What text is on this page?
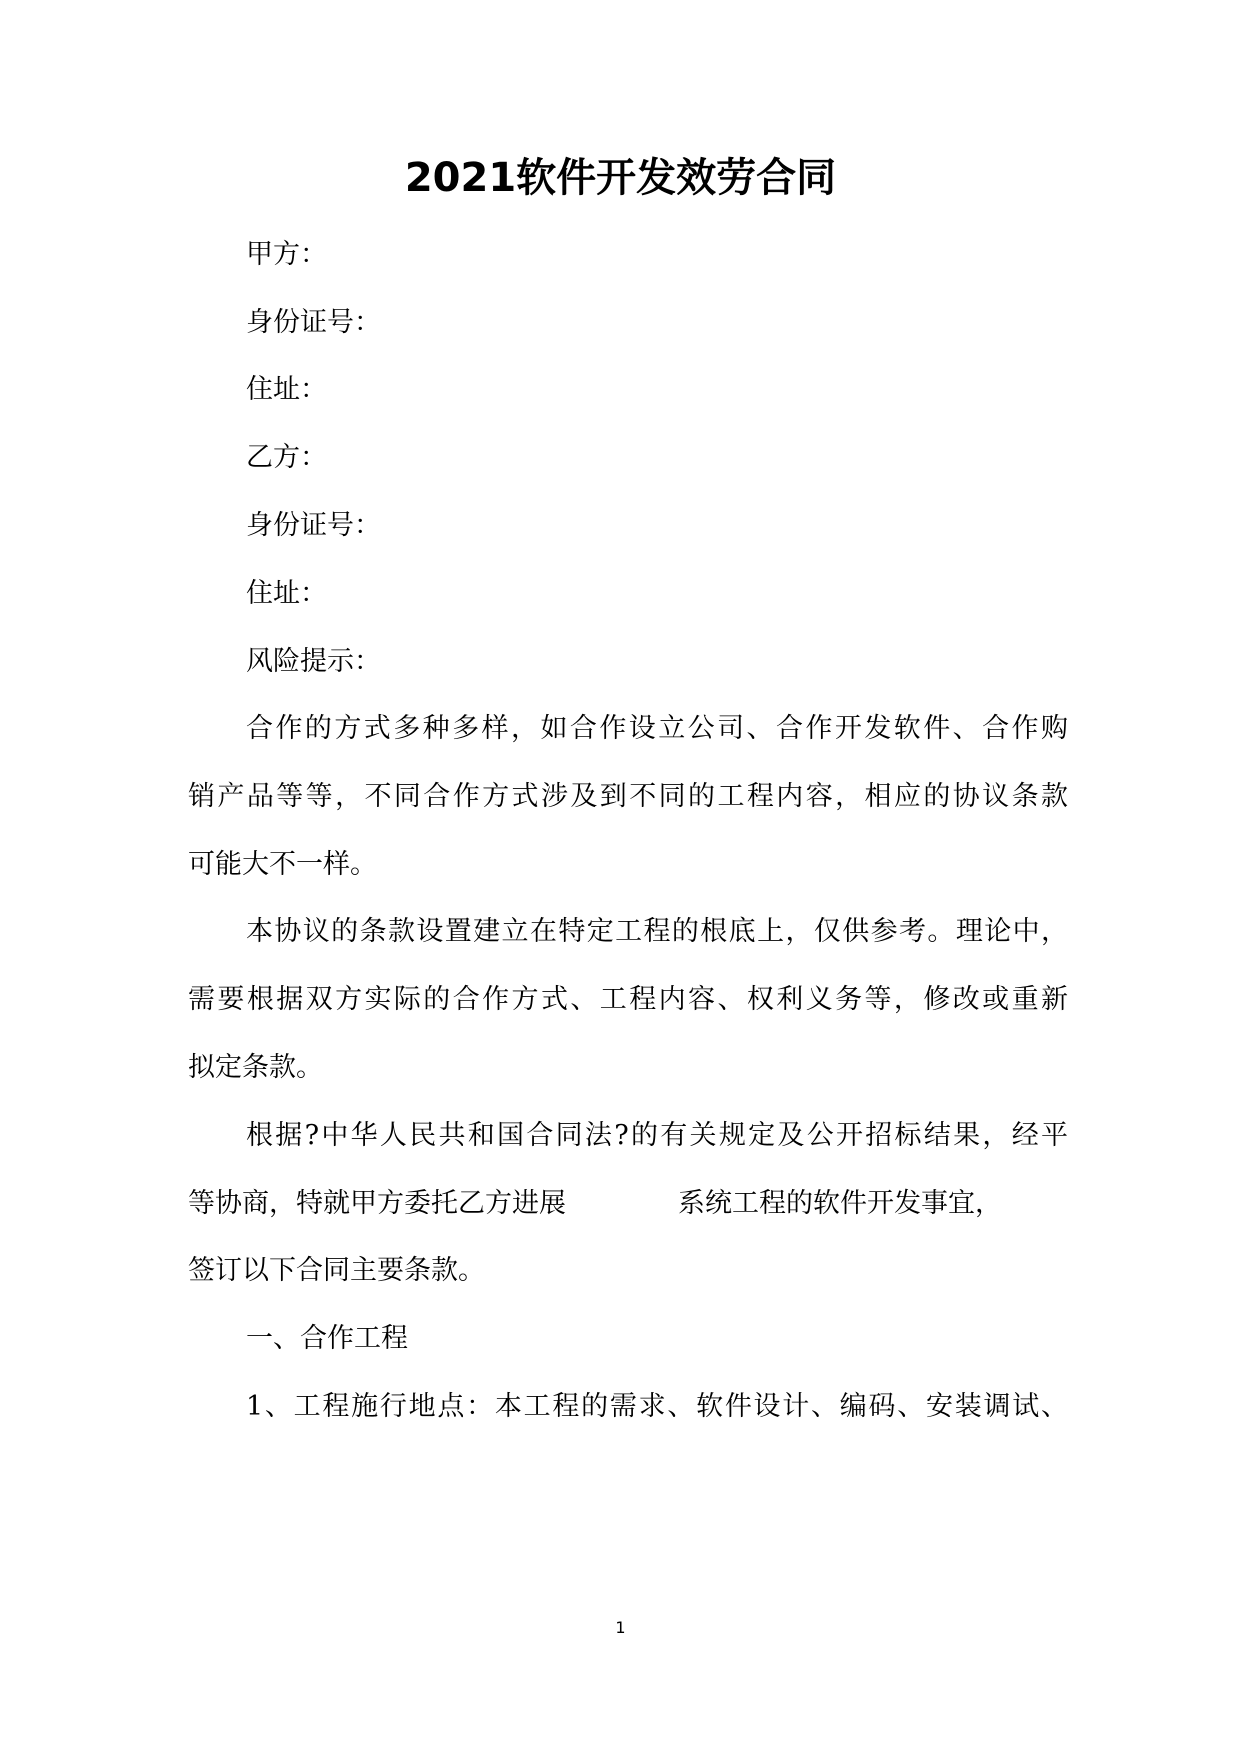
2021软件开发效劳合同
甲方：
身份证号：
住址：
乙方：
身份证号：
住址：
风险提示：
合作的方式多种多样，如合作设立公司、合作开发软件、合作购
销产品等等，不同合作方式涉及到不同的工程内容，相应的协议条款
可能大不一样。
本协议的条款设置建立在特定工程的根底上，仅供参考。理论中，
需要根据双方实际的合作方式、工程内容、权利义务等，修改或重新
拟定条款。
根据?中华人民共和国合同法?的有关规定及公开招标结果，经平
等协商，特就甲方委托乙方进展	系统工程的软件开发事宜，
签订以下合同主要条款。
一、合作工程
1、工程施行地点：本工程的需求、软件设计、编码、安装调试、
1
